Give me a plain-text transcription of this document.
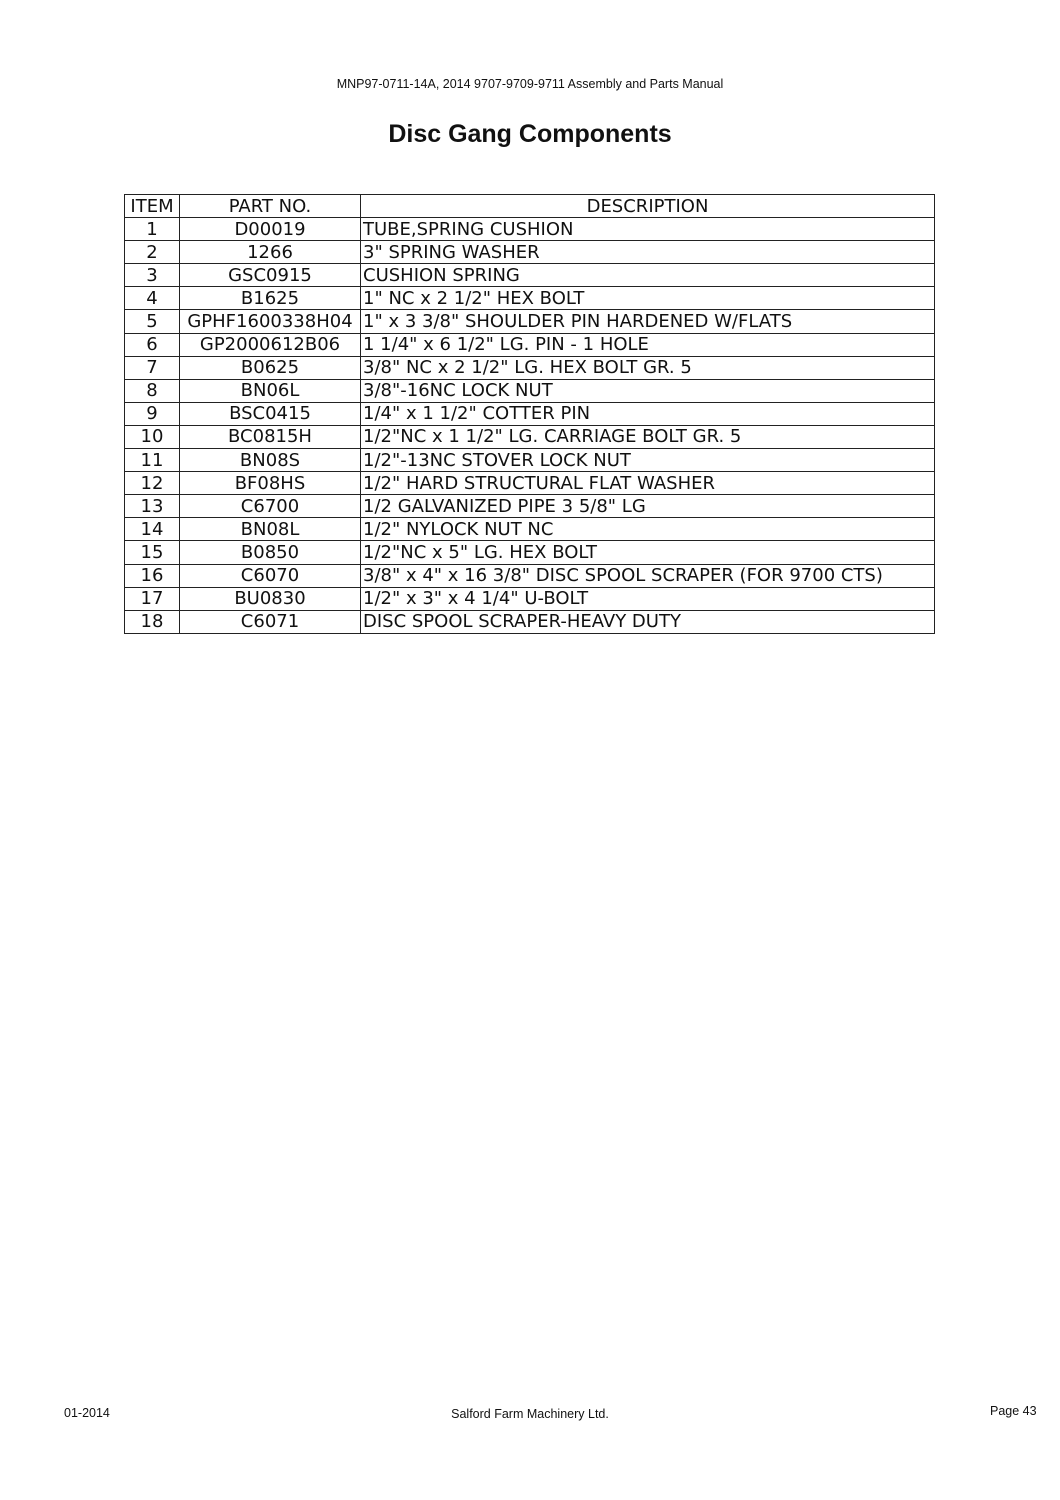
MNP97-0711-14A, 2014 9707-9709-9711 Assembly and Parts Manual
Disc Gang Components
ITEM	PART NO.	DESCRIPTION
1	D00019	TUBE,SPRING CUSHION
2	1266	3" SPRING WASHER
3	GSC0915	CUSHION SPRING
4	B1625	1" NC x 2 1/2" HEX BOLT
5	GPHF1600338H04	1" x 3 3/8" SHOULDER PIN HARDENED W/FLATS
6	GP2000612B06	1 1/4" x 6 1/2" LG. PIN - 1 HOLE
7	B0625	3/8" NC x 2 1/2" LG. HEX BOLT GR. 5
8	BN06L	3/8"-16NC LOCK NUT
9	BSC0415	1/4" x 1 1/2" COTTER PIN
10	BC0815H	1/2"NC x 1 1/2" LG. CARRIAGE BOLT GR. 5
11	BN08S	1/2"-13NC STOVER LOCK NUT
12	BF08HS	1/2" HARD STRUCTURAL FLAT WASHER
13	C6700	1/2 GALVANIZED PIPE 3 5/8" LG
14	BN08L	1/2" NYLOCK NUT NC
15	B0850	1/2"NC x 5" LG. HEX BOLT
16	C6070	3/8" x 4" x 16 3/8" DISC SPOOL SCRAPER (FOR 9700 CTS)
17	BU0830	1/2" x 3" x 4 1/4" U-BOLT
18	C6071	DISC SPOOL SCRAPER-HEAVY DUTY
01-2014	Salford Farm Machinery Ltd.	Page 43
